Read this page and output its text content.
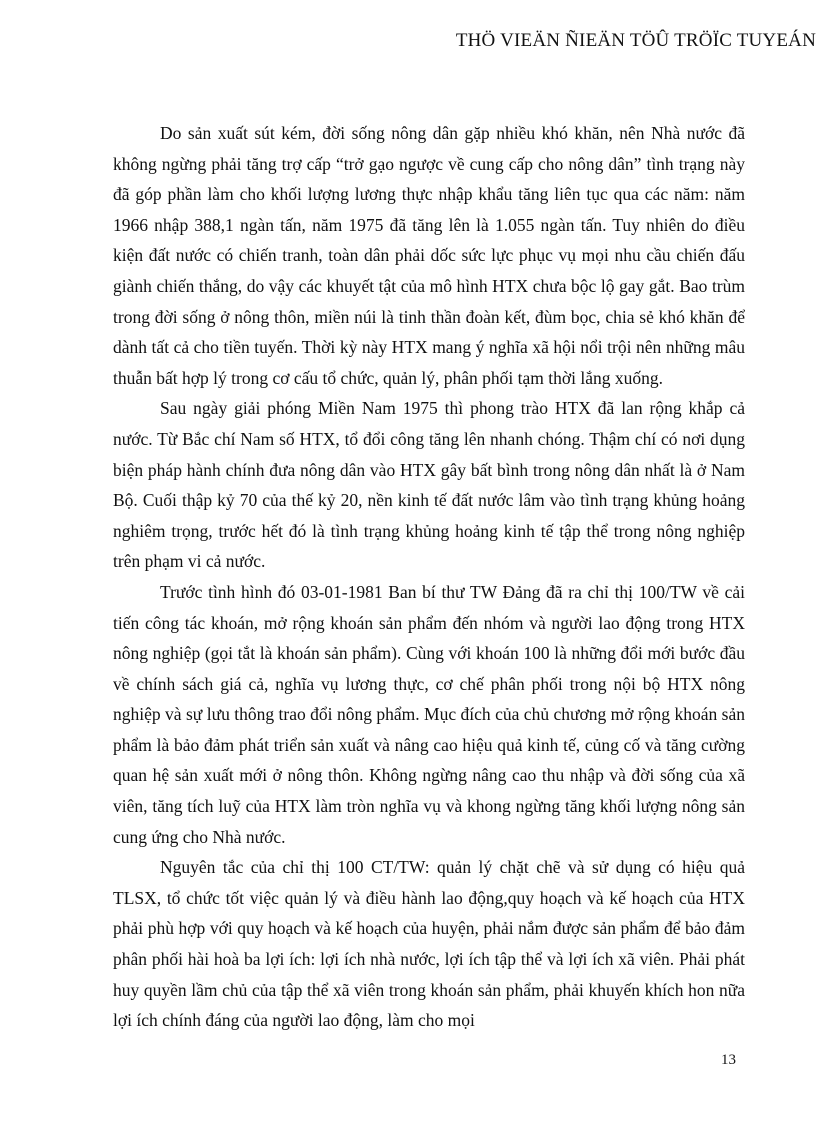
THÖ VIEÄN ÑIEÄN TÖÛ TRÖÏC TUYEÁN

Do sản xuất sút kém, đời sống nông dân gặp nhiều khó khăn, nên Nhà nước đã không ngừng phải tăng trợ cấp “trở gạo ngược về cung cấp cho nông dân” tình trạng này đã góp phần làm cho khối lượng lương thực nhập khẩu tăng liên tục qua các năm: năm 1966 nhập 388,1 ngàn tấn, năm 1975 đã tăng lên là 1.055 ngàn tấn. Tuy nhiên do điều kiện đất nước có chiến tranh, toàn dân phải dốc sức lực phục vụ mọi nhu cầu chiến đấu giành chiến thắng, do vậy các khuyết tật của mô hình HTX chưa bộc lộ gay gắt. Bao trùm trong đời sống ở nông thôn, miền núi là tinh thần đoàn kết, đùm bọc, chia sẻ khó khăn để dành tất cả cho tiền tuyến. Thời kỳ này HTX mang ý nghĩa xã hội nổi trội nên những mâu thuẫn bất hợp lý trong cơ cấu tổ chức, quản lý, phân phối tạm thời lắng xuống.

Sau ngày giải phóng Miền Nam 1975 thì phong trào HTX đã lan rộng khắp cả nước. Từ Bắc chí Nam số HTX, tổ đổi công tăng lên nhanh chóng. Thậm chí có nơi dụng biện pháp hành chính đưa nông dân vào HTX gây bất bình trong nông dân nhất là ở Nam Bộ. Cuối thập kỷ 70 của thế kỷ 20, nền kinh tế đất nước lâm vào tình trạng khủng hoảng nghiêm trọng, trước hết đó là tình trạng khủng hoảng kinh tế tập thể trong nông nghiệp trên phạm vi cả nước.

Trước tình hình đó 03-01-1981 Ban bí thư TW Đảng đã ra chỉ thị 100/TW về cải tiến công tác khoán, mở rộng khoán sản phẩm đến nhóm và người lao động trong HTX nông nghiệp (gọi tắt là khoán sản phẩm). Cùng với khoán 100 là những đổi mới bước đầu về chính sách giá cả, nghĩa vụ lương thực, cơ chế phân phối trong nội bộ HTX nông nghiệp và sự lưu thông trao đổi nông phẩm. Mục đích của chủ chương mở rộng khoán sản phẩm là bảo đảm phát triển sản xuất và nâng cao hiệu quả kinh tế, củng cố và tăng cường quan hệ sản xuất mới ở nông thôn. Không ngừng nâng cao thu nhập và đời sống của xã viên, tăng tích luỹ của HTX làm tròn nghĩa vụ và khong ngừng tăng khối lượng nông sản cung ứng cho Nhà nước.

Nguyên tắc của chỉ thị 100 CT/TW: quản lý chặt chẽ và sử dụng có hiệu quả TLSX, tổ chức tốt việc quản lý và điều hành lao động,quy hoạch và kế hoạch của HTX phải phù hợp với quy hoạch và kế hoạch của huyện, phải nắm được sản phẩm để bảo đảm phân phối hài hoà ba lợi ích: lợi ích nhà nước, lợi ích tập thể và lợi ích xã viên. Phải phát huy quyền lầm chủ của tập thể xã viên trong khoán sản phẩm, phải khuyến khích hon nữa lợi ích chính đáng của người lao động, làm cho mọi

13
